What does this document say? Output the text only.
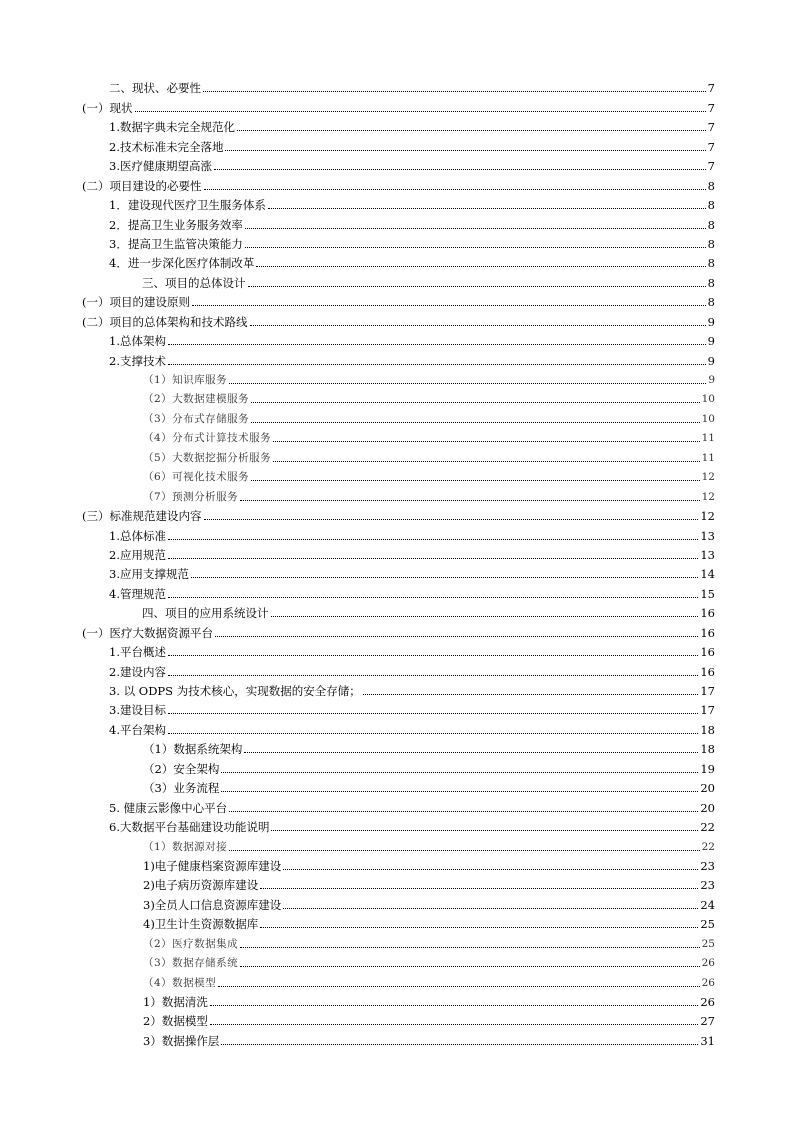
二、现状、必要性	7
(一）现状	7
1.数据字典未完全规范化	7
2.技术标准未完全落地	7
3.医疗健康期望高涨	7
(二）项目建设的必要性	8
1．建设现代医疗卫生服务体系	8
2．提高卫生业务服务效率	8
3．提高卫生监管决策能力	8
4．进一步深化医疗体制改革	8
三、项目的总体设计	8
(一）项目的建设原则	8
(二）项目的总体架构和技术路线	9
1.总体架构	9
2.支撑技术	9
（1）知识库服务	9
（2）大数据建模服务	10
（3）分布式存储服务	10
（4）分布式计算技术服务	11
（5）大数据挖掘分析服务	11
（6）可视化技术服务	12
（7）预测分析服务	12
(三）标准规范建设内容	12
1.总体标准	13
2.应用规范	13
3.应用支撑规范	14
4.管理规范	15
四、项目的应用系统设计	16
(一）医疗大数据资源平台	16
1.平台概述	16
2.建设内容	16
3. 以 ODPS 为技术核心，实现数据的安全存储；	17
3.建设目标	17
4.平台架构	18
（1）数据系统架构	18
（2）安全架构	19
（3）业务流程	20
5. 健康云影像中心平台	20
6.大数据平台基础建设功能说明	22
（1）数据源对接	22
1)电子健康档案资源库建设	23
2)电子病历资源库建设	23
3)全员人口信息资源库建设	24
4)卫生计生资源数据库	25
（2）医疗数据集成	25
（3）数据存储系统	26
（4）数据模型	26
1）数据清洗	26
2）数据模型	27
3）数据操作层	31
